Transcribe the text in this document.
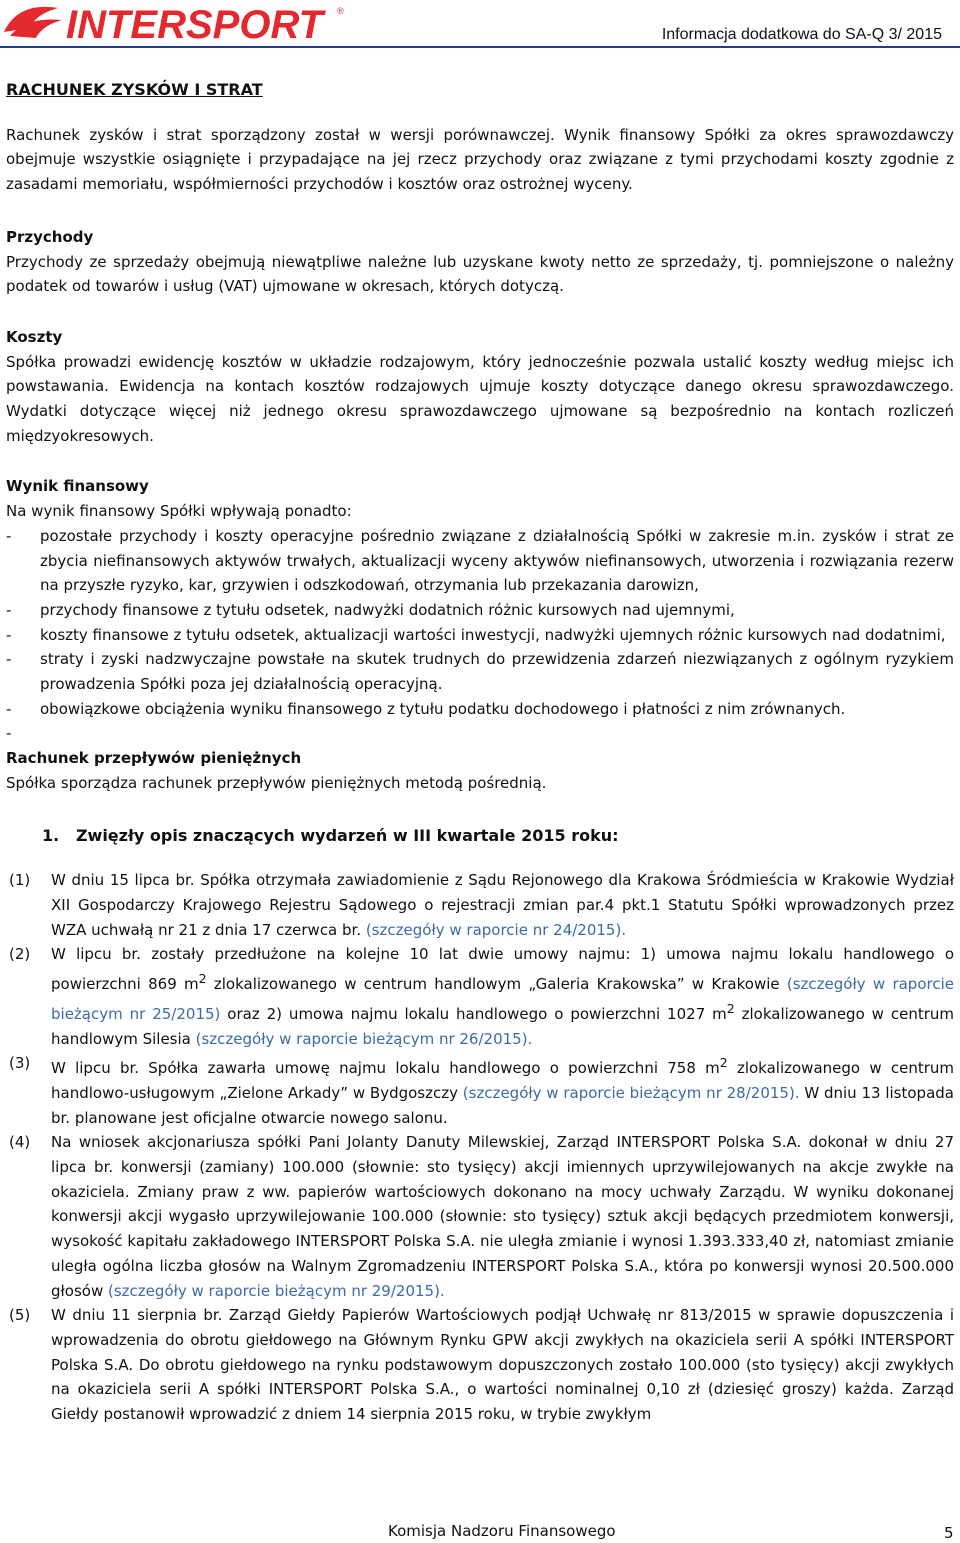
INTERSPORT	®
Informacja dodatkowa do SA-Q 3/ 2015

RACHUNEK ZYSKÓW I STRAT

Rachunek zysków i strat sporządzony został w wersji porównawczej. Wynik finansowy Spółki za okres sprawozdawczy obejmuje wszystkie osiągnięte i przypadające na jej rzecz przychody oraz związane z tymi przychodami koszty zgodnie z zasadami memoriału, współmierności przychodów i kosztów oraz ostrożnej wyceny.

Przychody

Przychody ze sprzedaży obejmują niewątpliwe należne lub uzyskane kwoty netto ze sprzedaży, tj. pomniejszone o należny podatek od towarów i usług (VAT) ujmowane w okresach, których dotyczą.

Koszty

Spółka prowadzi ewidencję kosztów w układzie rodzajowym, który jednocześnie pozwala ustalić koszty według miejsc ich powstawania. Ewidencja na kontach kosztów rodzajowych ujmuje koszty dotyczące danego okresu sprawozdawczego. Wydatki dotyczące więcej niż jednego okresu sprawozdawczego ujmowane są bezpośrednio na kontach rozliczeń międzyokresowych.

Wynik finansowy

Na wynik finansowy Spółki wpływają ponadto:

-	pozostałe przychody i koszty operacyjne pośrednio związane z działalnością Spółki w zakresie m.in. zysków i strat ze zbycia niefinansowych aktywów trwałych, aktualizacji wyceny aktywów niefinansowych, utworzenia i rozwiązania rezerw na przyszłe ryzyko, kar, grzywien i odszkodowań, otrzymania lub przekazania darowizn,
-	przychody finansowe z tytułu odsetek, nadwyżki dodatnich różnic kursowych nad ujemnymi,
-	koszty finansowe z tytułu odsetek, aktualizacji wartości inwestycji, nadwyżki ujemnych różnic kursowych nad dodatnimi,
-	straty i zyski nadzwyczajne powstałe na skutek trudnych do przewidzenia zdarzeń niezwiązanych z ogólnym ryzykiem prowadzenia Spółki poza jej działalnością operacyjną.
-	obowiązkowe obciążenia wyniku finansowego z tytułu podatku dochodowego i płatności z nim zrównanych.
-

Rachunek przepływów pieniężnych

Spółka sporządza rachunek przepływów pieniężnych metodą pośrednią.

1. Zwięzły opis znaczących wydarzeń w III kwartale 2015 roku:

(1)	W dniu 15 lipca br. Spółka otrzymała zawiadomienie z Sądu Rejonowego dla Krakowa Śródmieścia w Krakowie Wydział XII Gospodarczy Krajowego Rejestru Sądowego o rejestracji zmian par.4 pkt.1 Statutu Spółki wprowadzonych przez WZA uchwałą nr 21 z dnia 17 czerwca br. (szczegóły w raporcie nr 24/2015).
(2)	W lipcu br. zostały przedłużone na kolejne 10 lat dwie umowy najmu: 1) umowa najmu lokalu handlowego o powierzchni 869 $m^2$ zlokalizowanego w centrum handlowym „Galeria Krakowska” w Krakowie (szczegóły w raporcie bieżącym nr 25/2015) oraz 2) umowa najmu lokalu handlowego o powierzchni 1027 $m^2$ zlokalizowanego w centrum handlowym Silesia (szczegóły w raporcie bieżącym nr 26/2015).
(3)	W lipcu br. Spółka zawarła umowę najmu lokalu handlowego o powierzchni 758 $m^2$ zlokalizowanego w centrum handlowo-usługowym „Zielone Arkady” w Bydgoszczy (szczegóły w raporcie bieżącym nr 28/2015). W dniu 13 listopada br. planowane jest oficjalne otwarcie nowego salonu.
(4)	Na wniosek akcjonariusza spółki Pani Jolanty Danuty Milewskiej, Zarząd INTERSPORT Polska S.A. dokonał w dniu 27 lipca br. konwersji (zamiany) 100.000 (słownie: sto tysięcy) akcji imiennych uprzywilejowanych na akcje zwykłe na okaziciela. Zmiany praw z ww. papierów wartościowych dokonano na mocy uchwały Zarządu. W wyniku dokonanej konwersji akcji wygasło uprzywilejowanie 100.000 (słownie: sto tysięcy) sztuk akcji będących przedmiotem konwersji, wysokość kapitału zakładowego INTERSPORT Polska S.A. nie uległa zmianie i wynosi 1.393.333,40 zł, natomiast zmianie uległa ogólna liczba głosów na Walnym Zgromadzeniu INTERSPORT Polska S.A., która po konwersji wynosi 20.500.000 głosów (szczegóły w raporcie bieżącym nr 29/2015).
(5)	W dniu 11 sierpnia br. Zarząd Giełdy Papierów Wartościowych podjął Uchwałę nr 813/2015 w sprawie dopuszczenia i wprowadzenia do obrotu giełdowego na Głównym Rynku GPW akcji zwykłych na okaziciela serii A spółki INTERSPORT Polska S.A. Do obrotu giełdowego na rynku podstawowym dopuszczonych zostało 100.000 (sto tysięcy) akcji zwykłych na okaziciela serii A spółki INTERSPORT Polska S.A., o wartości nominalnej 0,10 zł (dziesięć groszy) każda. Zarząd Giełdy postanowił wprowadzić z dniem 14 sierpnia 2015 roku, w trybie zwykłym
Komisja Nadzoru Finansowego	5
